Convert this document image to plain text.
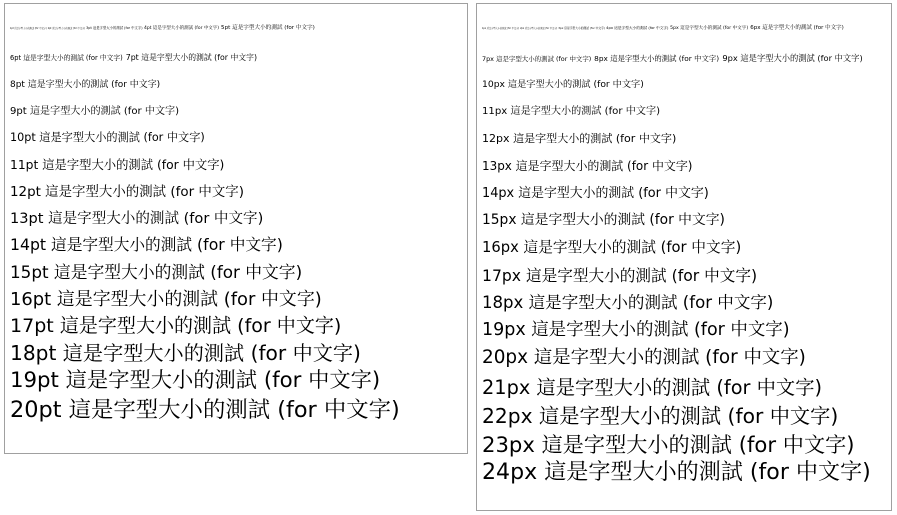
1pt 這是字型大小的測試 (for 中文字)2pt 這是字型大小的測試 (for 中文字)3pt 這是字型大小的測試 (for 中文字) 4pt 這是字型大小的測試 (for 中文字) 5pt 這是字型大小的測試 (for 中文字)
6pt 這是字型大小的測試 (for 中文字) 7pt 這是字型大小的測試 (for 中文字)
8pt 這是字型大小的測試 (for 中文字)
9pt 這是字型大小的測試 (for 中文字)
10pt 這是字型大小的測試 (for 中文字)
11pt 這是字型大小的測試 (for 中文字)
12pt 這是字型大小的測試 (for 中文字)
13pt 這是字型大小的測試 (for 中文字)
14pt 這是字型大小的測試 (for 中文字)
15pt 這是字型大小的測試 (for 中文字)
16pt 這是字型大小的測試 (for 中文字)
17pt 這是字型大小的測試 (for 中文字)
18pt 這是字型大小的測試 (for 中文字)
19pt 這是字型大小的測試 (for 中文字)
20pt 這是字型大小的測試 (for 中文字)
1px 這是字型大小的測試 (for 中文字)2px 這是字型大小的測試 (for 中文字)3px 這是字型大小的測試 (for 中文字)4px 這是字型大小的測試 (for 中文字) 5px 這是字型大小的測試 (for 中文字) 6px 這是字型大小的測試 (for 中文字)
7px 這是字型大小的測試 (for 中文字) 8px 這是字型大小的測試 (for 中文字) 9px 這是字型大小的測試 (for 中文字)
10px 這是字型大小的測試 (for 中文字)
11px 這是字型大小的測試 (for 中文字)
12px 這是字型大小的測試 (for 中文字)
13px 這是字型大小的測試 (for 中文字)
14px 這是字型大小的測試 (for 中文字)
15px 這是字型大小的測試 (for 中文字)
16px 這是字型大小的測試 (for 中文字)
17px 這是字型大小的測試 (for 中文字)
18px 這是字型大小的測試 (for 中文字)
19px 這是字型大小的測試 (for 中文字)
20px 這是字型大小的測試 (for 中文字)
21px 這是字型大小的測試 (for 中文字)
22px 這是字型大小的測試 (for 中文字)
23px 這是字型大小的測試 (for 中文字)
24px 這是字型大小的測試 (for 中文字)
